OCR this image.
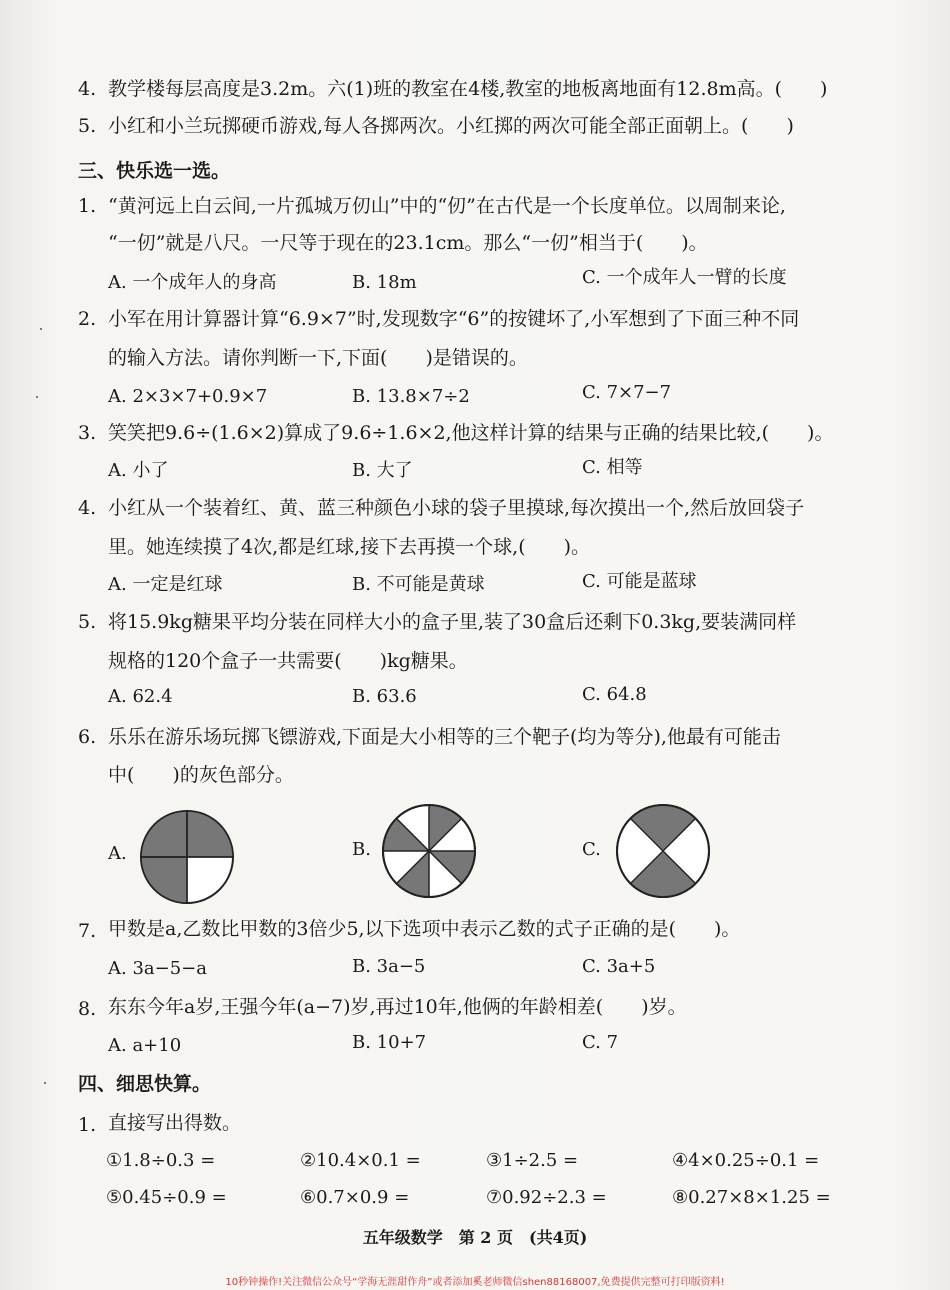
4. 教学楼每层高度是3.2m。六(1)班的教室在4楼,教室的地板离地面有12.8m高。(　　)
5. 小红和小兰玩掷硬币游戏,每人各掷两次。小红掷的两次可能全部正面朝上。(　　)
三、快乐选一选。
1. “黄河远上白云间,一片孤城万仞山”中的“仞”在古代是一个长度单位。以周制来论,
“一仞”就是八尺。一尺等于现在的23.1cm。那么“一仞”相当于(　　)。
A. 一个成年人的身高	B. 18m	C. 一个成年人一臂的长度
2. 小军在用计算器计算“6.9×7”时,发现数字“6”的按键坏了,小军想到了下面三种不同
的输入方法。请你判断一下,下面(　　)是错误的。
A. 2×3×7+0.9×7	B. 13.8×7÷2	C. 7×7−7
3. 笑笑把9.6÷(1.6×2)算成了9.6÷1.6×2,他这样计算的结果与正确的结果比较,(　　)。
A. 小了	B. 大了	C. 相等
4. 小红从一个装着红、黄、蓝三种颜色小球的袋子里摸球,每次摸出一个,然后放回袋子
里。她连续摸了4次,都是红球,接下去再摸一个球,(　　)。
A. 一定是红球	B. 不可能是黄球	C. 可能是蓝球
5. 将15.9kg糖果平均分装在同样大小的盒子里,装了30盒后还剩下0.3kg,要装满同样
规格的120个盒子一共需要(　　)kg糖果。
A. 62.4	B. 63.6	C. 64.8
6. 乐乐在游乐场玩掷飞镖游戏,下面是大小相等的三个靶子(均为等分),他最有可能击
中(　　)的灰色部分。
A.	B.	C.
7. 甲数是a,乙数比甲数的3倍少5,以下选项中表示乙数的式子正确的是(　　)。
A. 3a−5−a	B. 3a−5	C. 3a+5
8. 东东今年a岁,王强今年(a−7)岁,再过10年,他俩的年龄相差(　　)岁。
A. a+10	B. 10+7	C. 7
四、细思快算。
1. 直接写出得数。
①1.8÷0.3 =	②10.4×0.1 =	③1÷2.5 =	④4×0.25÷0.1 =
⑤0.45÷0.9 =	⑥0.7×0.9 =	⑦0.92÷2.3 =	⑧0.27×8×1.25 =
五年级数学　第 2 页　(共4页)
10秒钟操作!关注微信公众号“学海无涯甜作舟”或者添加奚老师微信shen88168007,免费提供完整可打印版资料!
